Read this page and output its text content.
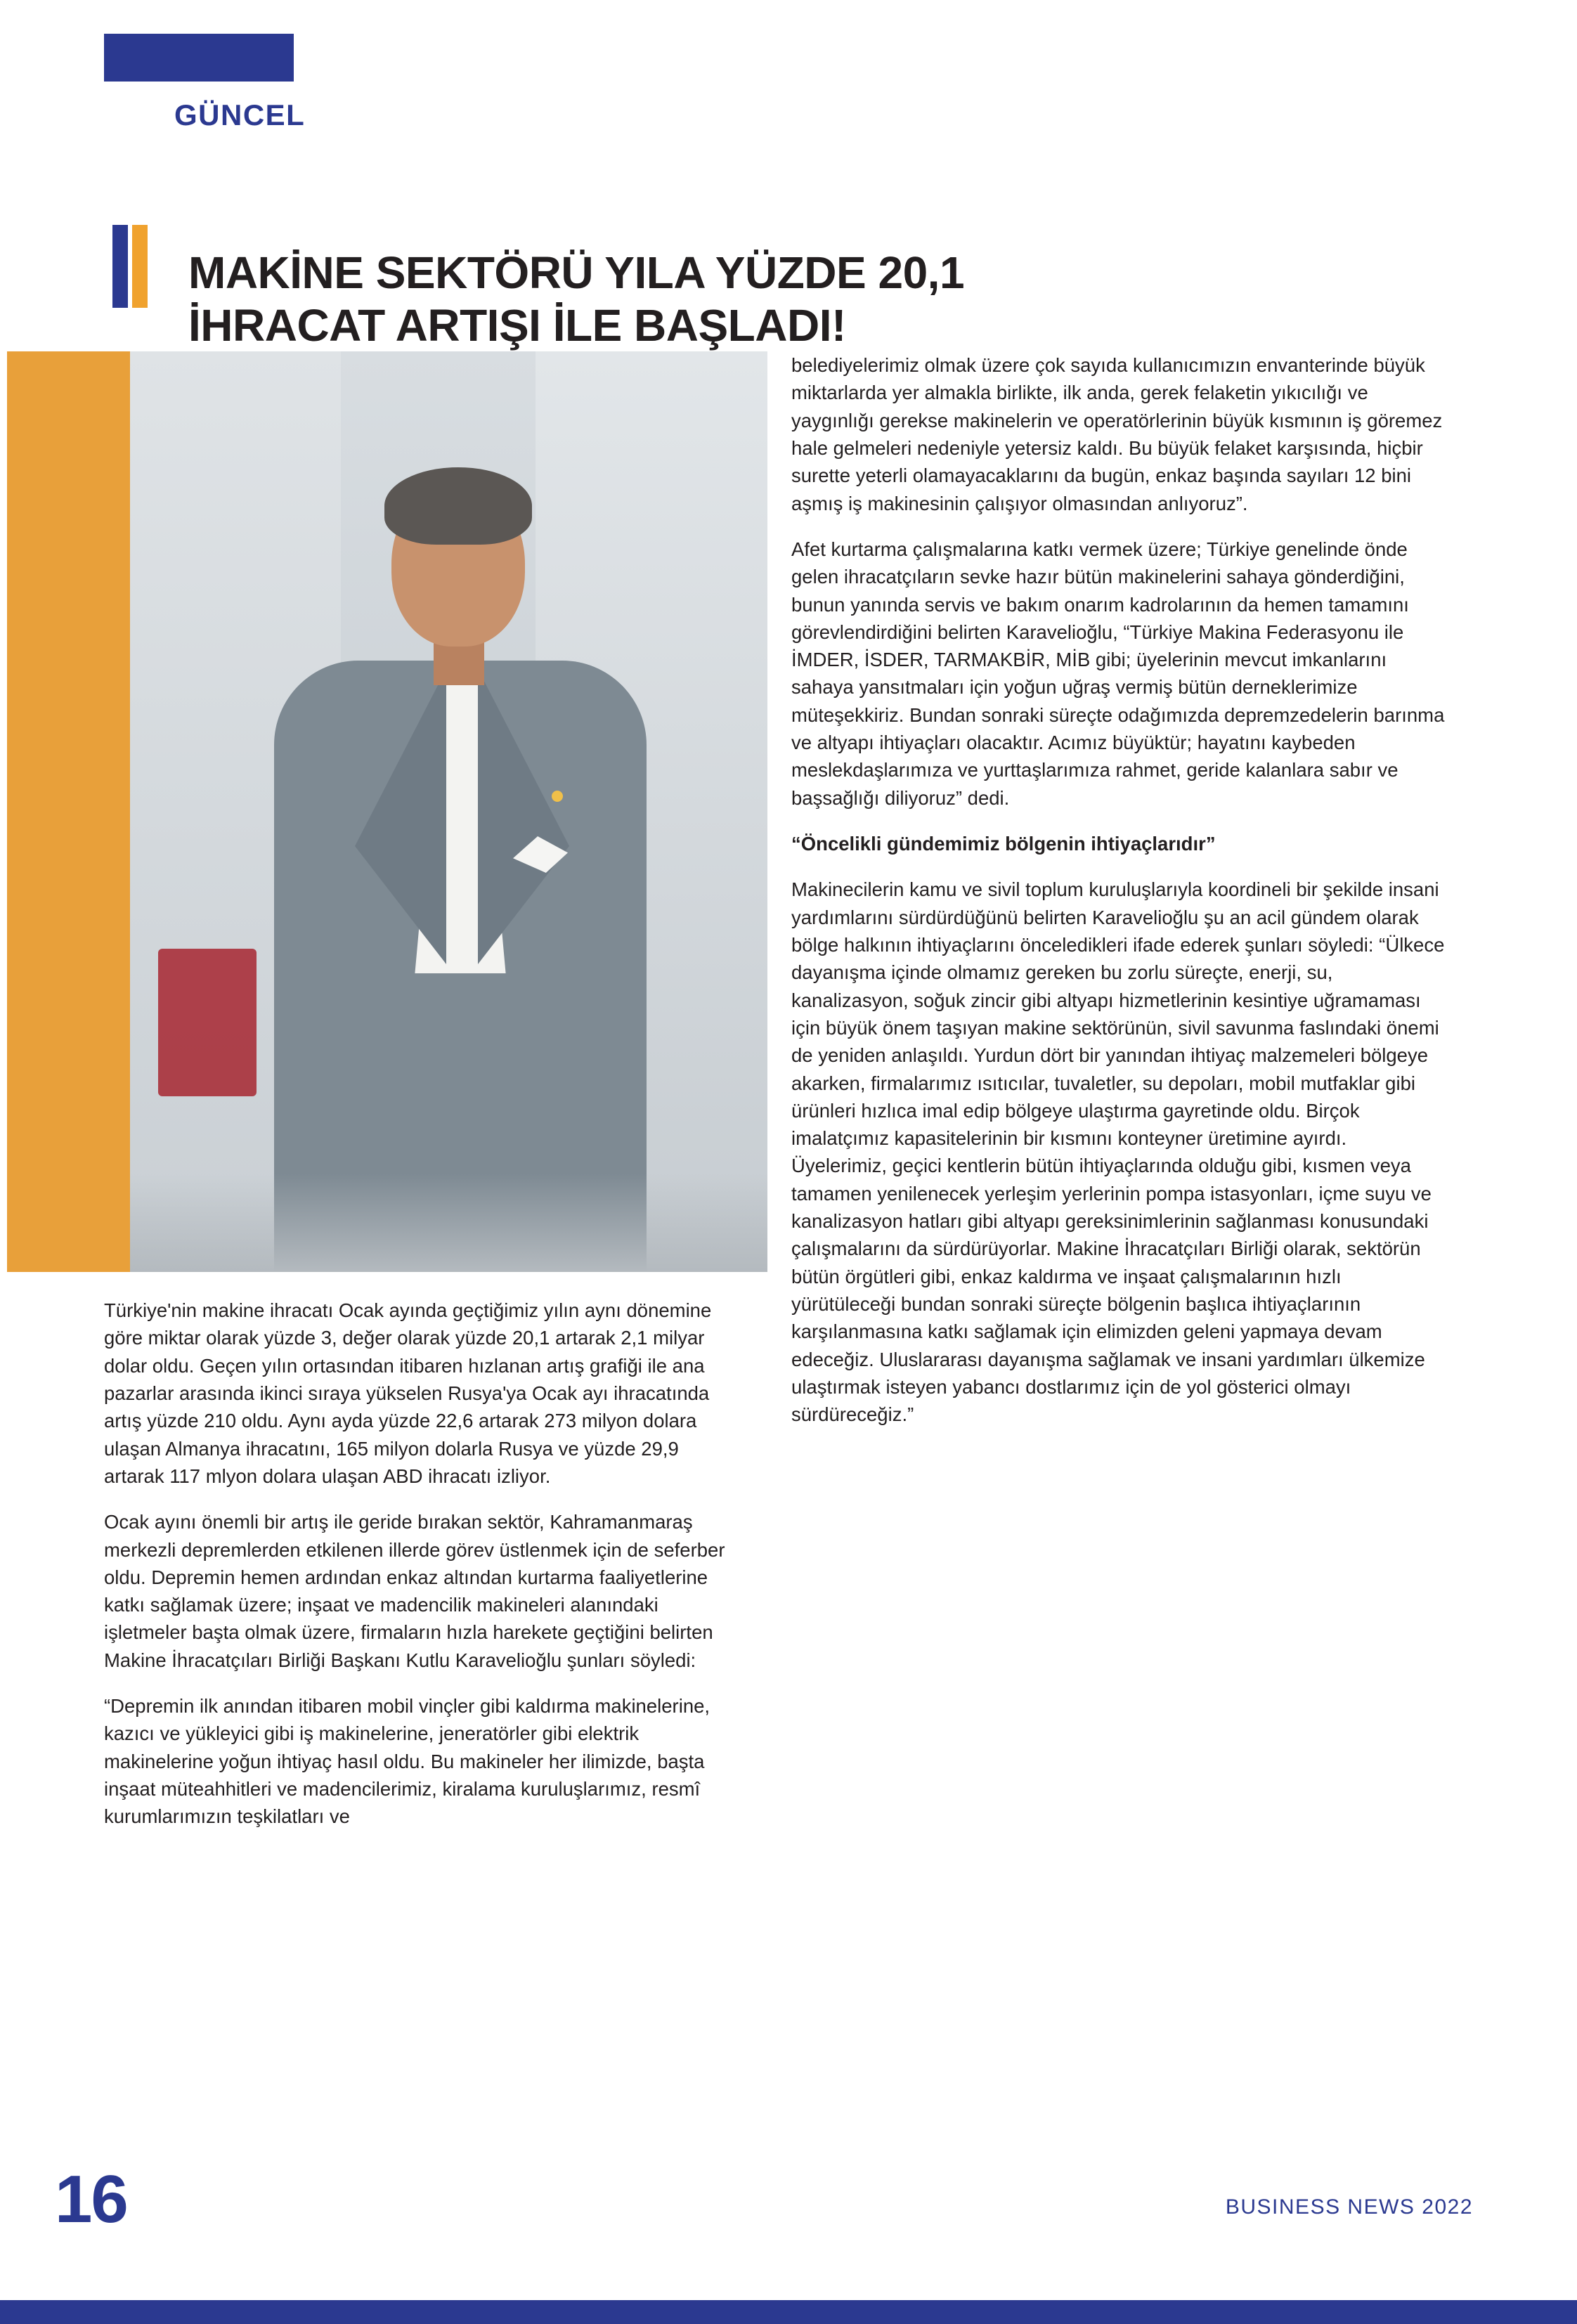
GÜNCEL
MAKİNE SEKTÖRÜ YILA YÜZDE 20,1 İHRACAT ARTIŞI İLE BAŞLADI!

Türkiye'nin makine ihracatı Ocak ayında geçtiğimiz yılın aynı dönemine göre miktar olarak yüzde 3, değer olarak yüzde 20,1 artarak 2,1 milyar dolar oldu. Geçen yılın ortasından itibaren hızlanan artış grafiği ile ana pazarlar arasında ikinci sıraya yükselen Rusya'ya Ocak ayı ihracatında artış yüzde 210 oldu. Aynı ayda yüzde 22,6 artarak 273 milyon dolara ulaşan Almanya ihracatını, 165 milyon dolarla Rusya ve yüzde 29,9 artarak 117 mlyon dolara ulaşan ABD ihracatı izliyor.

Ocak ayını önemli bir artış ile geride bırakan sektör, Kahramanmaraş merkezli depremlerden etkilenen illerde görev üstlenmek için de seferber oldu. Depremin hemen ardından enkaz altından kurtarma faaliyetlerine katkı sağlamak üzere; inşaat ve madencilik makineleri alanındaki işletmeler başta olmak üzere, firmaların hızla harekete geçtiğini belirten Makine İhracatçıları Birliği Başkanı Kutlu Karavelioğlu şunları söyledi:

“Depremin ilk anından itibaren mobil vinçler gibi kaldırma makinelerine, kazıcı ve yükleyici gibi iş makinelerine, jeneratörler gibi elektrik makinelerine yoğun ihtiyaç hasıl oldu. Bu makineler her ilimizde, başta inşaat müteahhitleri ve madencilerimiz, kiralama kuruluşlarımız, resmî kurumlarımızın teşkilatları ve

belediyelerimiz olmak üzere çok sayıda kullanıcımızın envanterinde büyük miktarlarda yer almakla birlikte, ilk anda, gerek felaketin yıkıcılığı ve yaygınlığı gerekse makinelerin ve operatörlerinin büyük kısmının iş göremez hale gelmeleri nedeniyle yetersiz kaldı. Bu büyük felaket karşısında, hiçbir surette yeterli olamayacaklarını da bugün, enkaz başında sayıları 12 bini aşmış iş makinesinin çalışıyor olmasından anlıyoruz”.

Afet kurtarma çalışmalarına katkı vermek üzere; Türkiye genelinde önde gelen ihracatçıların sevke hazır bütün makinelerini sahaya gönderdiğini, bunun yanında servis ve bakım onarım kadrolarının da hemen tamamını görevlendirdiğini belirten Karavelioğlu, “Türkiye Makina Federasyonu ile İMDER, İSDER, TARMAKBİR, MİB gibi; üyelerinin mevcut imkanlarını sahaya yansıtmaları için yoğun uğraş vermiş bütün derneklerimize müteşekkiriz. Bundan sonraki süreçte odağımızda depremzedelerin barınma ve altyapı ihtiyaçları olacaktır. Acımız büyüktür; hayatını kaybeden meslekdaşlarımıza ve yurttaşlarımıza rahmet, geride kalanlara sabır ve başsağlığı diliyoruz” dedi.

“Öncelikli gündemimiz bölgenin ihtiyaçlarıdır”

Makinecilerin kamu ve sivil toplum kuruluşlarıyla koordineli bir şekilde insani yardımlarını sürdürdüğünü belirten Karavelioğlu şu an acil gündem olarak bölge halkının ihtiyaçlarını önceledikleri ifade ederek şunları söyledi: “Ülkece dayanışma içinde olmamız gereken bu zorlu süreçte, enerji, su, kanalizasyon, soğuk zincir gibi altyapı hizmetlerinin kesintiye uğramaması için büyük önem taşıyan makine sektörünün, sivil savunma faslındaki önemi de yeniden anlaşıldı. Yurdun dört bir yanından ihtiyaç malzemeleri bölgeye akarken, firmalarımız ısıtıcılar, tuvaletler, su depoları, mobil mutfaklar gibi ürünleri hızlıca imal edip bölgeye ulaştırma gayretinde oldu. Birçok imalatçımız kapasitelerinin bir kısmını konteyner üretimine ayırdı. Üyelerimiz, geçici kentlerin bütün ihtiyaçlarında olduğu gibi, kısmen veya tamamen yenilenecek yerleşim yerlerinin pompa istasyonları, içme suyu ve kanalizasyon hatları gibi altyapı gereksinimlerinin sağlanması konusundaki çalışmalarını da sürdürüyorlar. Makine İhracatçıları Birliği olarak, sektörün bütün örgütleri gibi, enkaz kaldırma ve inşaat çalışmalarının hızlı yürütüleceği bundan sonraki süreçte bölgenin başlıca ihtiyaçlarının karşılanmasına katkı sağlamak için elimizden geleni yapmaya devam edeceğiz. Uluslararası dayanışma sağlamak ve insani yardımları ülkemize ulaştırmak isteyen yabancı dostlarımız için de yol gösterici olmayı sürdüreceğiz.”

16	BUSINESS NEWS 2022
